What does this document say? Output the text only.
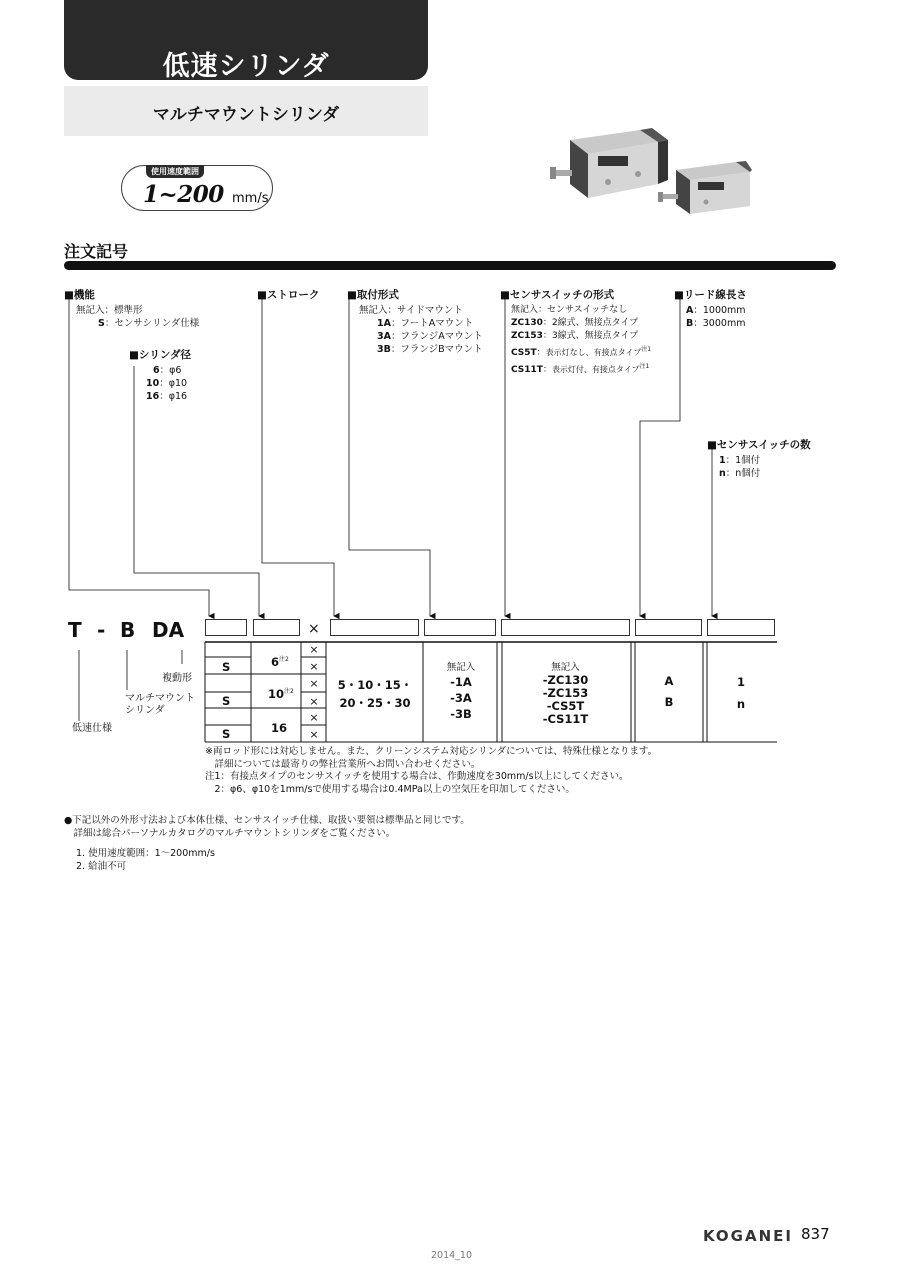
低速シリンダ
マルチマウントシリンダ
使用速度範囲
1~200 mm/s
注文記号
■機能
無記入：標準形
S：センサシリンダ仕様
■シリンダ径
6：φ6
10：φ10
16：φ16
■ストローク	■取付形式
無記入：サイドマウント
1A：フートAマウント
3A：フランジAマウント
3B：フランジBマウント
■センサスイッチの形式
無記入：センサスイッチなし
ZC130：2線式、無接点タイプ
ZC153：3線式、無接点タイプ
CS5T：表示灯なし、有接点タイプ$^{注1}$
CS11T：表示灯付、有接点タイプ$^{注1}$
■リード線長さ
A：1000mm
B：3000mm
■センサスイッチの数
1：1個付
n：n個付
T - B DA	×
複動形
マルチマウント
シリンダ
低速仕様
S
S
S
6$^{注2}$
10$^{注2}$
16
×
×
×
×
×
×
5・10・15・
20・25・30
無記入
-1A
-3A
-3B
無記入
-ZC130
-ZC153
-CS5T
-CS11T
A
B
1
n
※両ロッド形には対応しません。また、クリーンシステム対応シリンダについては、特殊仕様となります。
　詳細については最寄りの弊社営業所へお問い合わせください。
注1：有接点タイプのセンサスイッチを使用する場合は、作動速度を30mm/s以上にしてください。
　2：φ6、φ10を1mm/sで使用する場合は0.4MPa以上の空気圧を印加してください。
●下記以外の外形寸法および本体仕様、センサスイッチ仕様、取扱い要領は標準品と同じです。
　詳細は総合パーソナルカタログのマルチマウントシリンダをご覧ください。
1. 使用速度範囲：1～200mm/s
2. 給油不可
KOGANEI 837
2014_10
